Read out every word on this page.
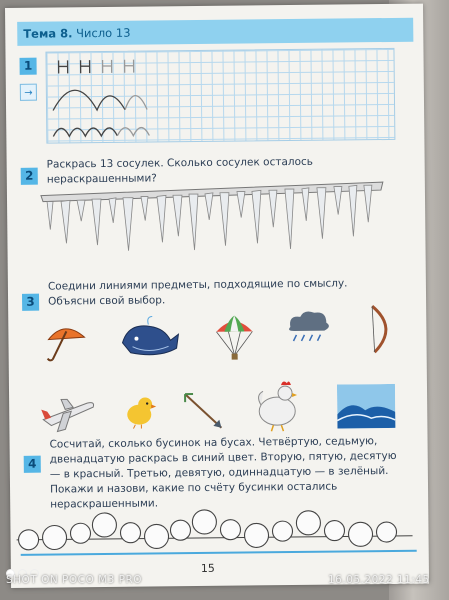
Тема 8. Число 13
1
→
2
Раскрась 13 сосулек. Сколько сосулек осталось нераскрашенными?
3
Соедини линиями предметы, подходящие по смыслу. Объясни свой выбор.
4
Сосчитай, сколько бусинок на бусах. Четвёртую, седьмую, двенадцатую раскрась в синий цвет. Вторую, пятую, десятую — в красный. Третью, девятую, одиннадцатую — в зелёный. Покажи и назови, какие по счёту бусинки остались нераскрашенными.
15
SHOT ON POCO M3 PRO	16.05.2022 11:45
